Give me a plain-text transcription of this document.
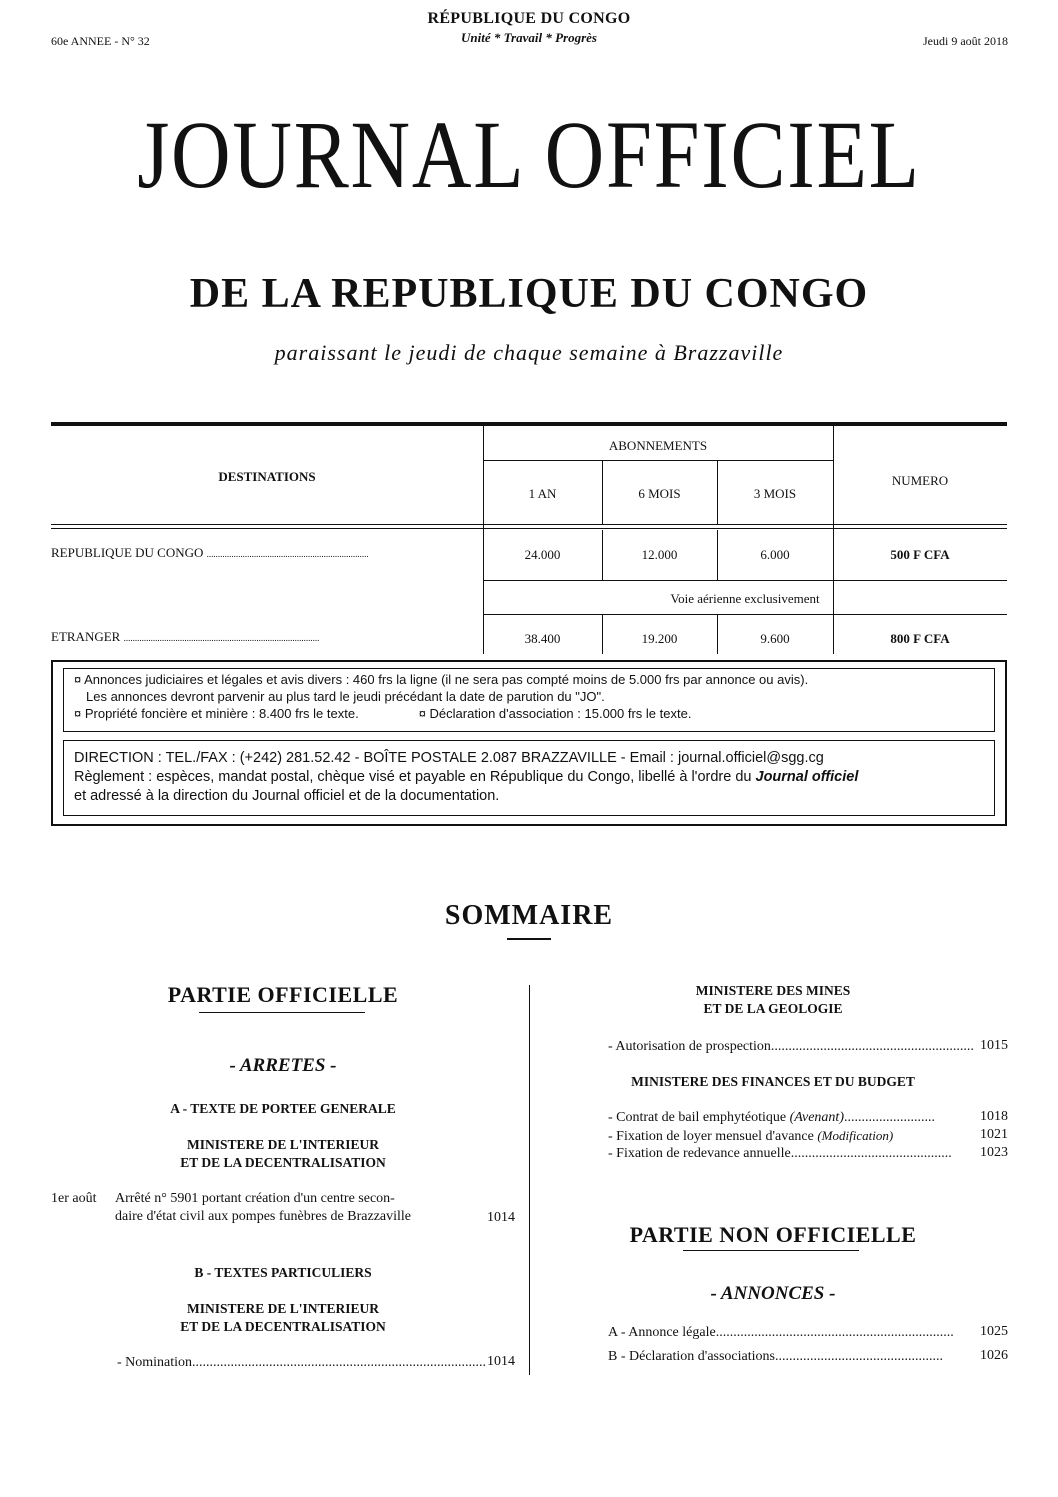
60e ANNEE - N° 32
RÉPUBLIQUE DU CONGO
Unité * Travail * Progrès	Jeudi 9 août 2018
JOURNAL OFFICIEL
DE LA REPUBLIQUE DU CONGO
paraissant le jeudi de chaque semaine à Brazzaville
DESTINATIONS
ABONNEMENTS
1 AN	6 MOIS	3 MOIS
NUMERO
REPUBLIQUE DU CONGO ........................................................................	24.000	12.000	6.000	500 F CFA
Voie aérienne exclusivement
ETRANGER .......................................................................................	38.400	19.200	9.600	800 F CFA
¤ Annonces judiciaires et légales et avis divers : 460 frs la ligne (il ne sera pas compté moins de 5.000 frs par annonce ou avis).
Les annonces devront parvenir au plus tard le jeudi précédant la date de parution du "JO".
¤ Propriété foncière et minière : 8.400 frs le texte.	¤ Déclaration d'association : 15.000 frs le texte.
DIRECTION : TEL./FAX : (+242) 281.52.42 - BOÎTE POSTALE 2.087 BRAZZAVILLE - Email : journal.officiel@sgg.cg
Règlement : espèces, mandat postal, chèque visé et payable en République du Congo, libellé à l'ordre du Journal officiel
et adressé à la direction du Journal officiel et de la documentation.
SOMMAIRE
PARTIE OFFICIELLE
- ARRETES -
A - TEXTE DE PORTEE GENERALE
MINISTERE DE L'INTERIEUR
ET DE LA DECENTRALISATION
1er août Arrêté n° 5901 portant création d'un centre secon-
daire d'état civil aux pompes funèbres de Brazzaville	1014
B - TEXTES PARTICULIERS
MINISTERE DE L'INTERIEUR
ET DE LA DECENTRALISATION
- Nomination.................................................................................... 1014
MINISTERE DES MINES
ET DE LA GEOLOGIE
- Autorisation de prospection.......................................................... 1015
MINISTERE DES FINANCES ET DU BUDGET
- Contrat de bail emphytéotique (Avenant)..........................	1018
- Fixation de loyer mensuel d'avance (Modification)	1021
- Fixation de redevance annuelle..............................................	1023
PARTIE NON OFFICIELLE
- ANNONCES -
A - Annonce légale....................................................................	1025
B - Déclaration d'associations................................................	1026
